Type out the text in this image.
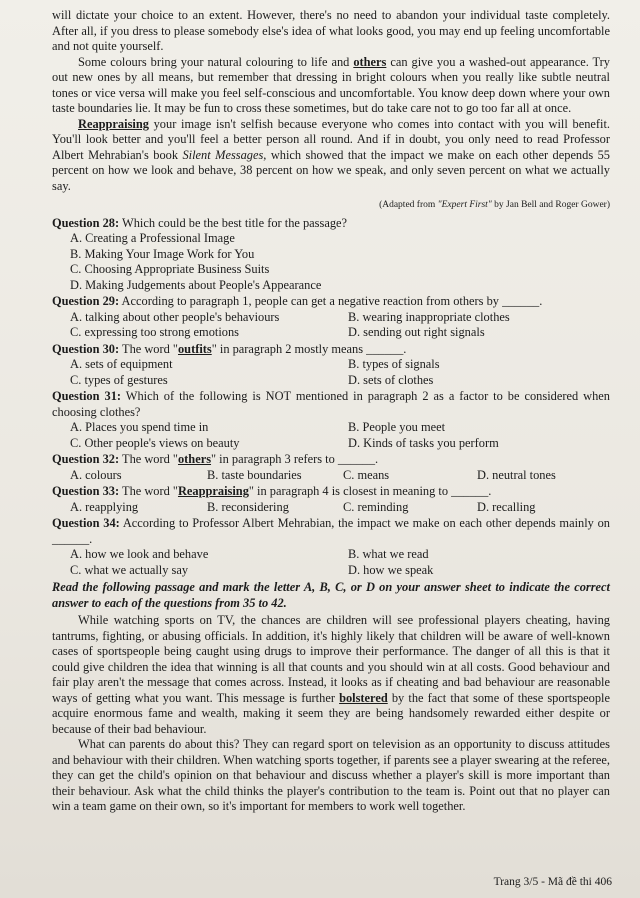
will dictate your choice to an extent. However, there's no need to abandon your individual taste completely. After all, if you dress to please somebody else's idea of what looks good, you may end up feeling uncomfortable and not quite yourself.

Some colours bring your natural colouring to life and others can give you a washed-out appearance. Try out new ones by all means, but remember that dressing in bright colours when you really like subtle neutral tones or vice versa will make you feel self-conscious and uncomfortable. You know deep down where your own taste boundaries lie. It may be fun to cross these sometimes, but do take care not to go too far all at once.

Reappraising your image isn't selfish because everyone who comes into contact with you will benefit. You'll look better and you'll feel a better person all round. And if in doubt, you only need to read Professor Albert Mehrabian's book Silent Messages, which showed that the impact we make on each other depends 55 percent on how we look and behave, 38 percent on how we speak, and only seven percent on what we actually say.

(Adapted from "Expert First" by Jan Bell and Roger Gower)
Question 28: Which could be the best title for the passage?
A. Creating a Professional Image
B. Making Your Image Work for You
C. Choosing Appropriate Business Suits
D. Making Judgements about People's Appearance
Question 29: According to paragraph 1, people can get a negative reaction from others by ______.
A. talking about other people's behaviours	B. wearing inappropriate clothes
C. expressing too strong emotions	D. sending out right signals
Question 30: The word "outfits" in paragraph 2 mostly means ______.
A. sets of equipment	B. types of signals
C. types of gestures	D. sets of clothes
Question 31: Which of the following is NOT mentioned in paragraph 2 as a factor to be considered when choosing clothes?
A. Places you spend time in	B. People you meet
C. Other people's views on beauty	D. Kinds of tasks you perform
Question 32: The word "others" in paragraph 3 refers to ______.
A. colours	B. taste boundaries	C. means	D. neutral tones
Question 33: The word "Reappraising" in paragraph 4 is closest in meaning to ______.
A. reapplying	B. reconsidering	C. reminding	D. recalling
Question 34: According to Professor Albert Mehrabian, the impact we make on each other depends mainly on ______.
A. how we look and behave	B. what we read
C. what we actually say	D. how we speak

Read the following passage and mark the letter A, B, C, or D on your answer sheet to indicate the correct answer to each of the questions from 35 to 42.

While watching sports on TV, the chances are children will see professional players cheating, having tantrums, fighting, or abusing officials. In addition, it's highly likely that children will be aware of well-known cases of sportspeople being caught using drugs to improve their performance. The danger of all this is that it could give children the idea that winning is all that counts and you should win at all costs. Good behaviour and fair play aren't the message that comes across. Instead, it looks as if cheating and bad behaviour are reasonable ways of getting what you want. This message is further bolstered by the fact that some of these sportspeople acquire enormous fame and wealth, making it seem they are being handsomely rewarded either despite or because of their bad behaviour.

What can parents do about this? They can regard sport on television as an opportunity to discuss attitudes and behaviour with their children. When watching sports together, if parents see a player swearing at the referee, they can get the child's opinion on that behaviour and discuss whether a player's skill is more important than their behaviour. Ask what the child thinks the player's contribution to the team is. Point out that no player can win a team game on their own, so it's important for members to work well together.

Trang 3/5 - Mã đề thi 406
